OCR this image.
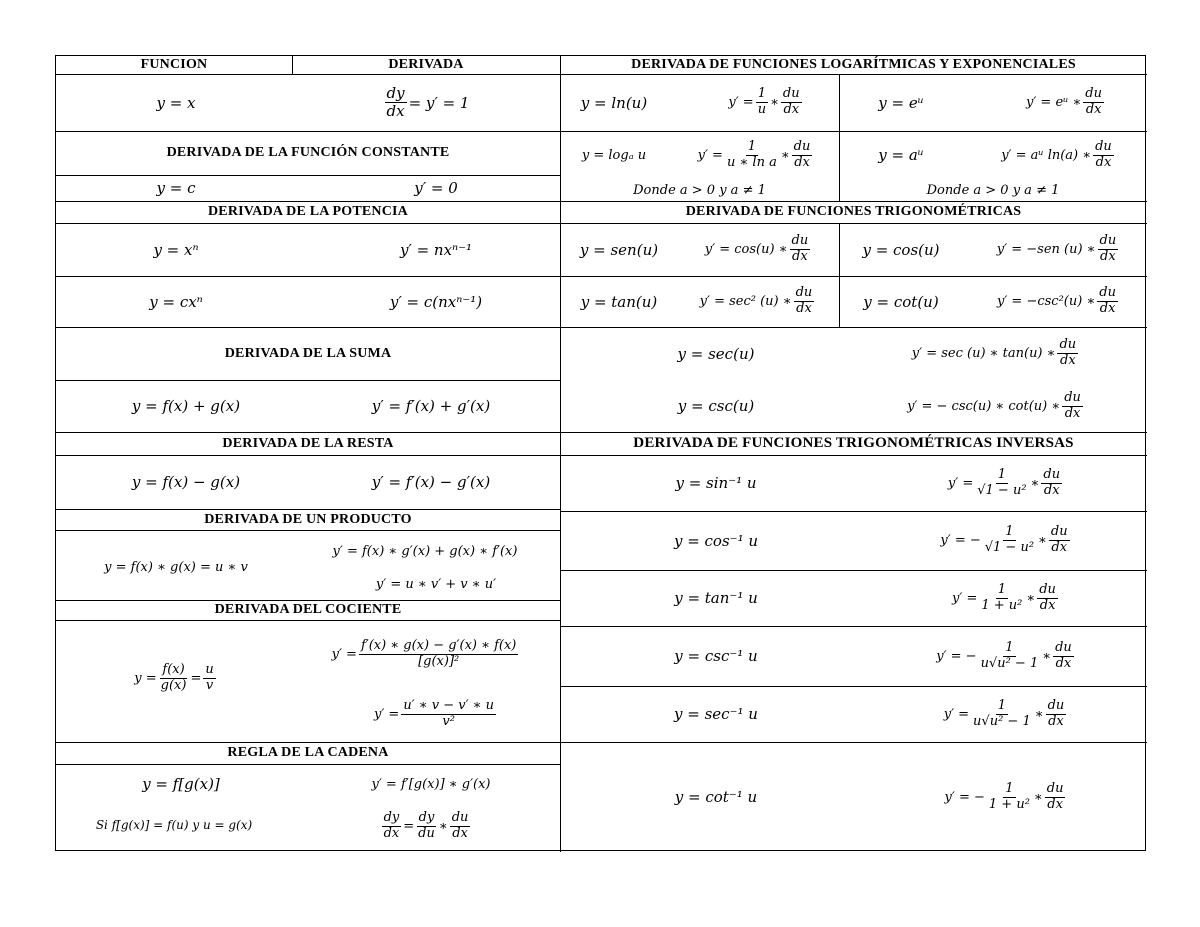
FUNCION	DERIVADA
y = x	$\frac{dy}{dx} = y' = 1$
DERIVADA DE LA FUNCIÓN CONSTANTE
y = c	y′ = 0
DERIVADA DE LA POTENCIA
y = xⁿ	y′ = nxⁿ⁻¹
y = cxⁿ	y′ = c(nxⁿ⁻¹)
DERIVADA DE LA SUMA
y = f(x) + g(x)	y′ = f′(x) + g′(x)
DERIVADA DE LA RESTA
y = f(x) − g(x)	y′ = f′(x) − g′(x)
DERIVADA DE UN PRODUCTO
y = f(x) ∗ g(x) = u ∗ v
y′ = f(x) ∗ g′(x) + g(x) ∗ f′(x)
y′ = u ∗ v′ + v ∗ u′
DERIVADA DEL COCIENTE
$y = \frac{f(x)}{g(x)} = \frac{u}{v}$
$y' = \frac{f'(x) ∗ g(x) - g'(x) ∗ f(x)}{\text{[g(x)]²}}$
$y' = \frac{u' ∗ v - v' ∗ u}{\text{v²}}$
REGLA DE LA CADENA
y = f[g(x)]	y′ = f′[g(x)] ∗ g′(x)
Si f[g(x)] = f(u) y u = g(x)	$\frac{dy}{dx} = \frac{dy}{du}$ ∗ $\frac{du}{dx}$
DERIVADA DE FUNCIONES LOGARÍTMICAS Y EXPONENCIALES
y = ln(u)	$y' = \frac{1}{u}$ ∗ $\frac{du}{dx}$	y = eᵘ	y′ = eᵘ ∗ $\frac{du}{dx}$
y = logₐ u	$y' = \frac{1}{\text{u ∗ ln a}}$ ∗ $\frac{du}{dx}$
Donde a > 0 y a ≠ 1
y = aᵘ	y′ = aᵘ ln(a) ∗ $\frac{du}{dx}$
Donde a > 0 y a ≠ 1
DERIVADA DE FUNCIONES TRIGONOMÉTRICAS
y = sen(u)	y′ = cos(u) ∗ $\frac{du}{dx}$	y = cos(u)	y′ = −sen (u) ∗ $\frac{du}{dx}$
y = tan(u)	y′ = sec² (u) ∗ $\frac{du}{dx}$	y = cot(u)	y′ = −csc²(u) ∗ $\frac{du}{dx}$
y = sec(u)	y′ = sec (u) ∗ tan(u) ∗ $\frac{du}{dx}$
y = csc(u)	y′ = − csc(u) ∗ cot(u) ∗ $\frac{du}{dx}$
DERIVADA DE FUNCIONES TRIGONOMÉTRICAS INVERSAS
y = sin⁻¹ u	$y' = \frac{1}{\text{√1 − u²}}$ ∗ $\frac{du}{dx}$
y = cos⁻¹ u	y′ = − $\frac{1}{\text{√1 − u²}}$ ∗ $\frac{du}{dx}$
y = tan⁻¹ u	$y' = \frac{1}{\text{1 + u²}}$ ∗ $\frac{du}{dx}$
y = csc⁻¹ u	y′ = − $\frac{1}{\text{u√u² − 1}}$ ∗ $\frac{du}{dx}$
y = sec⁻¹ u	$y' = \frac{1}{\text{u√u² − 1}}$ ∗ $\frac{du}{dx}$
y = cot⁻¹ u	y′ = − $\frac{1}{\text{1 + u²}}$ ∗ $\frac{du}{dx}$
